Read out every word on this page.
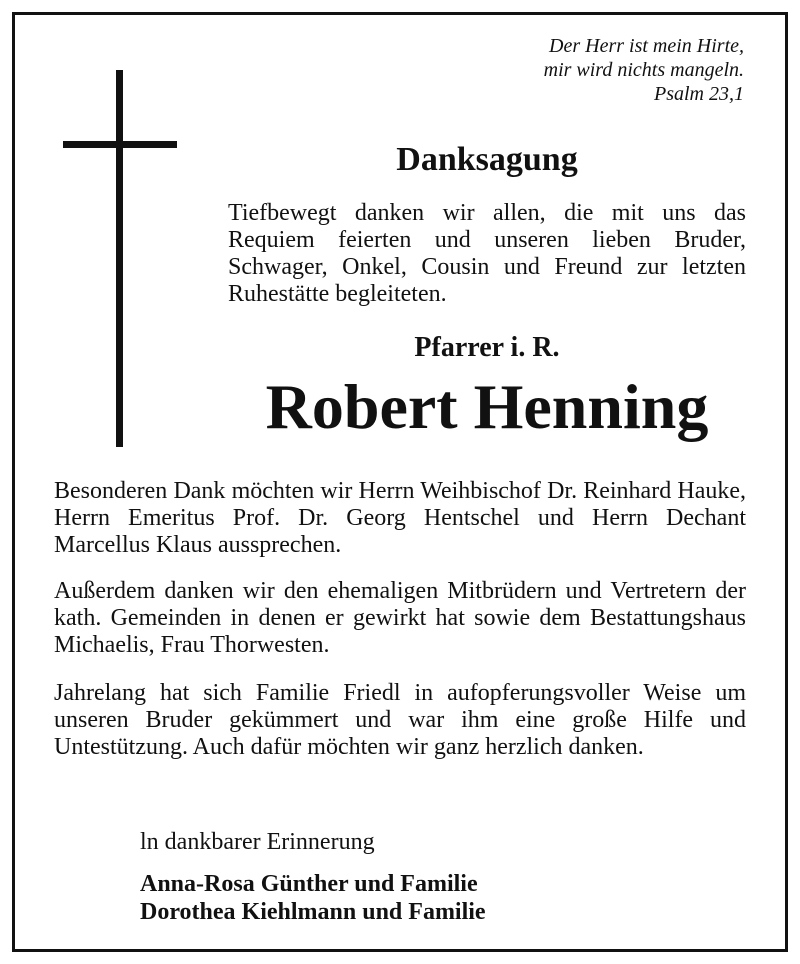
Der Herr ist mein Hirte,
mir wird nichts mangeln.
Psalm 23,1
Danksagung
Tiefbewegt danken wir allen, die mit uns das Requiem feierten und unseren lieben Bruder, Schwager, Onkel, Cousin und Freund zur letzten Ruhestätte begleiteten.
Pfarrer i. R.
Robert Henning
Besonderen Dank möchten wir Herrn Weihbischof Dr. Reinhard Hauke, Herrn Emeritus Prof. Dr. Georg Hentschel und Herrn Dechant Marcellus Klaus aussprechen.
Außerdem danken wir den ehemaligen Mitbrüdern und Vertretern der kath. Gemeinden in denen er gewirkt hat sowie dem Bestattungshaus Michaelis, Frau Thorwesten.
Jahrelang hat sich Familie Friedl in aufopferungsvoller Weise um unseren Bruder gekümmert und war ihm eine große Hilfe und Untestützung. Auch dafür möchten wir ganz herzlich danken.
ln dankbarer Erinnerung
Anna-Rosa Günther und Familie
Dorothea Kiehlmann und Familie
